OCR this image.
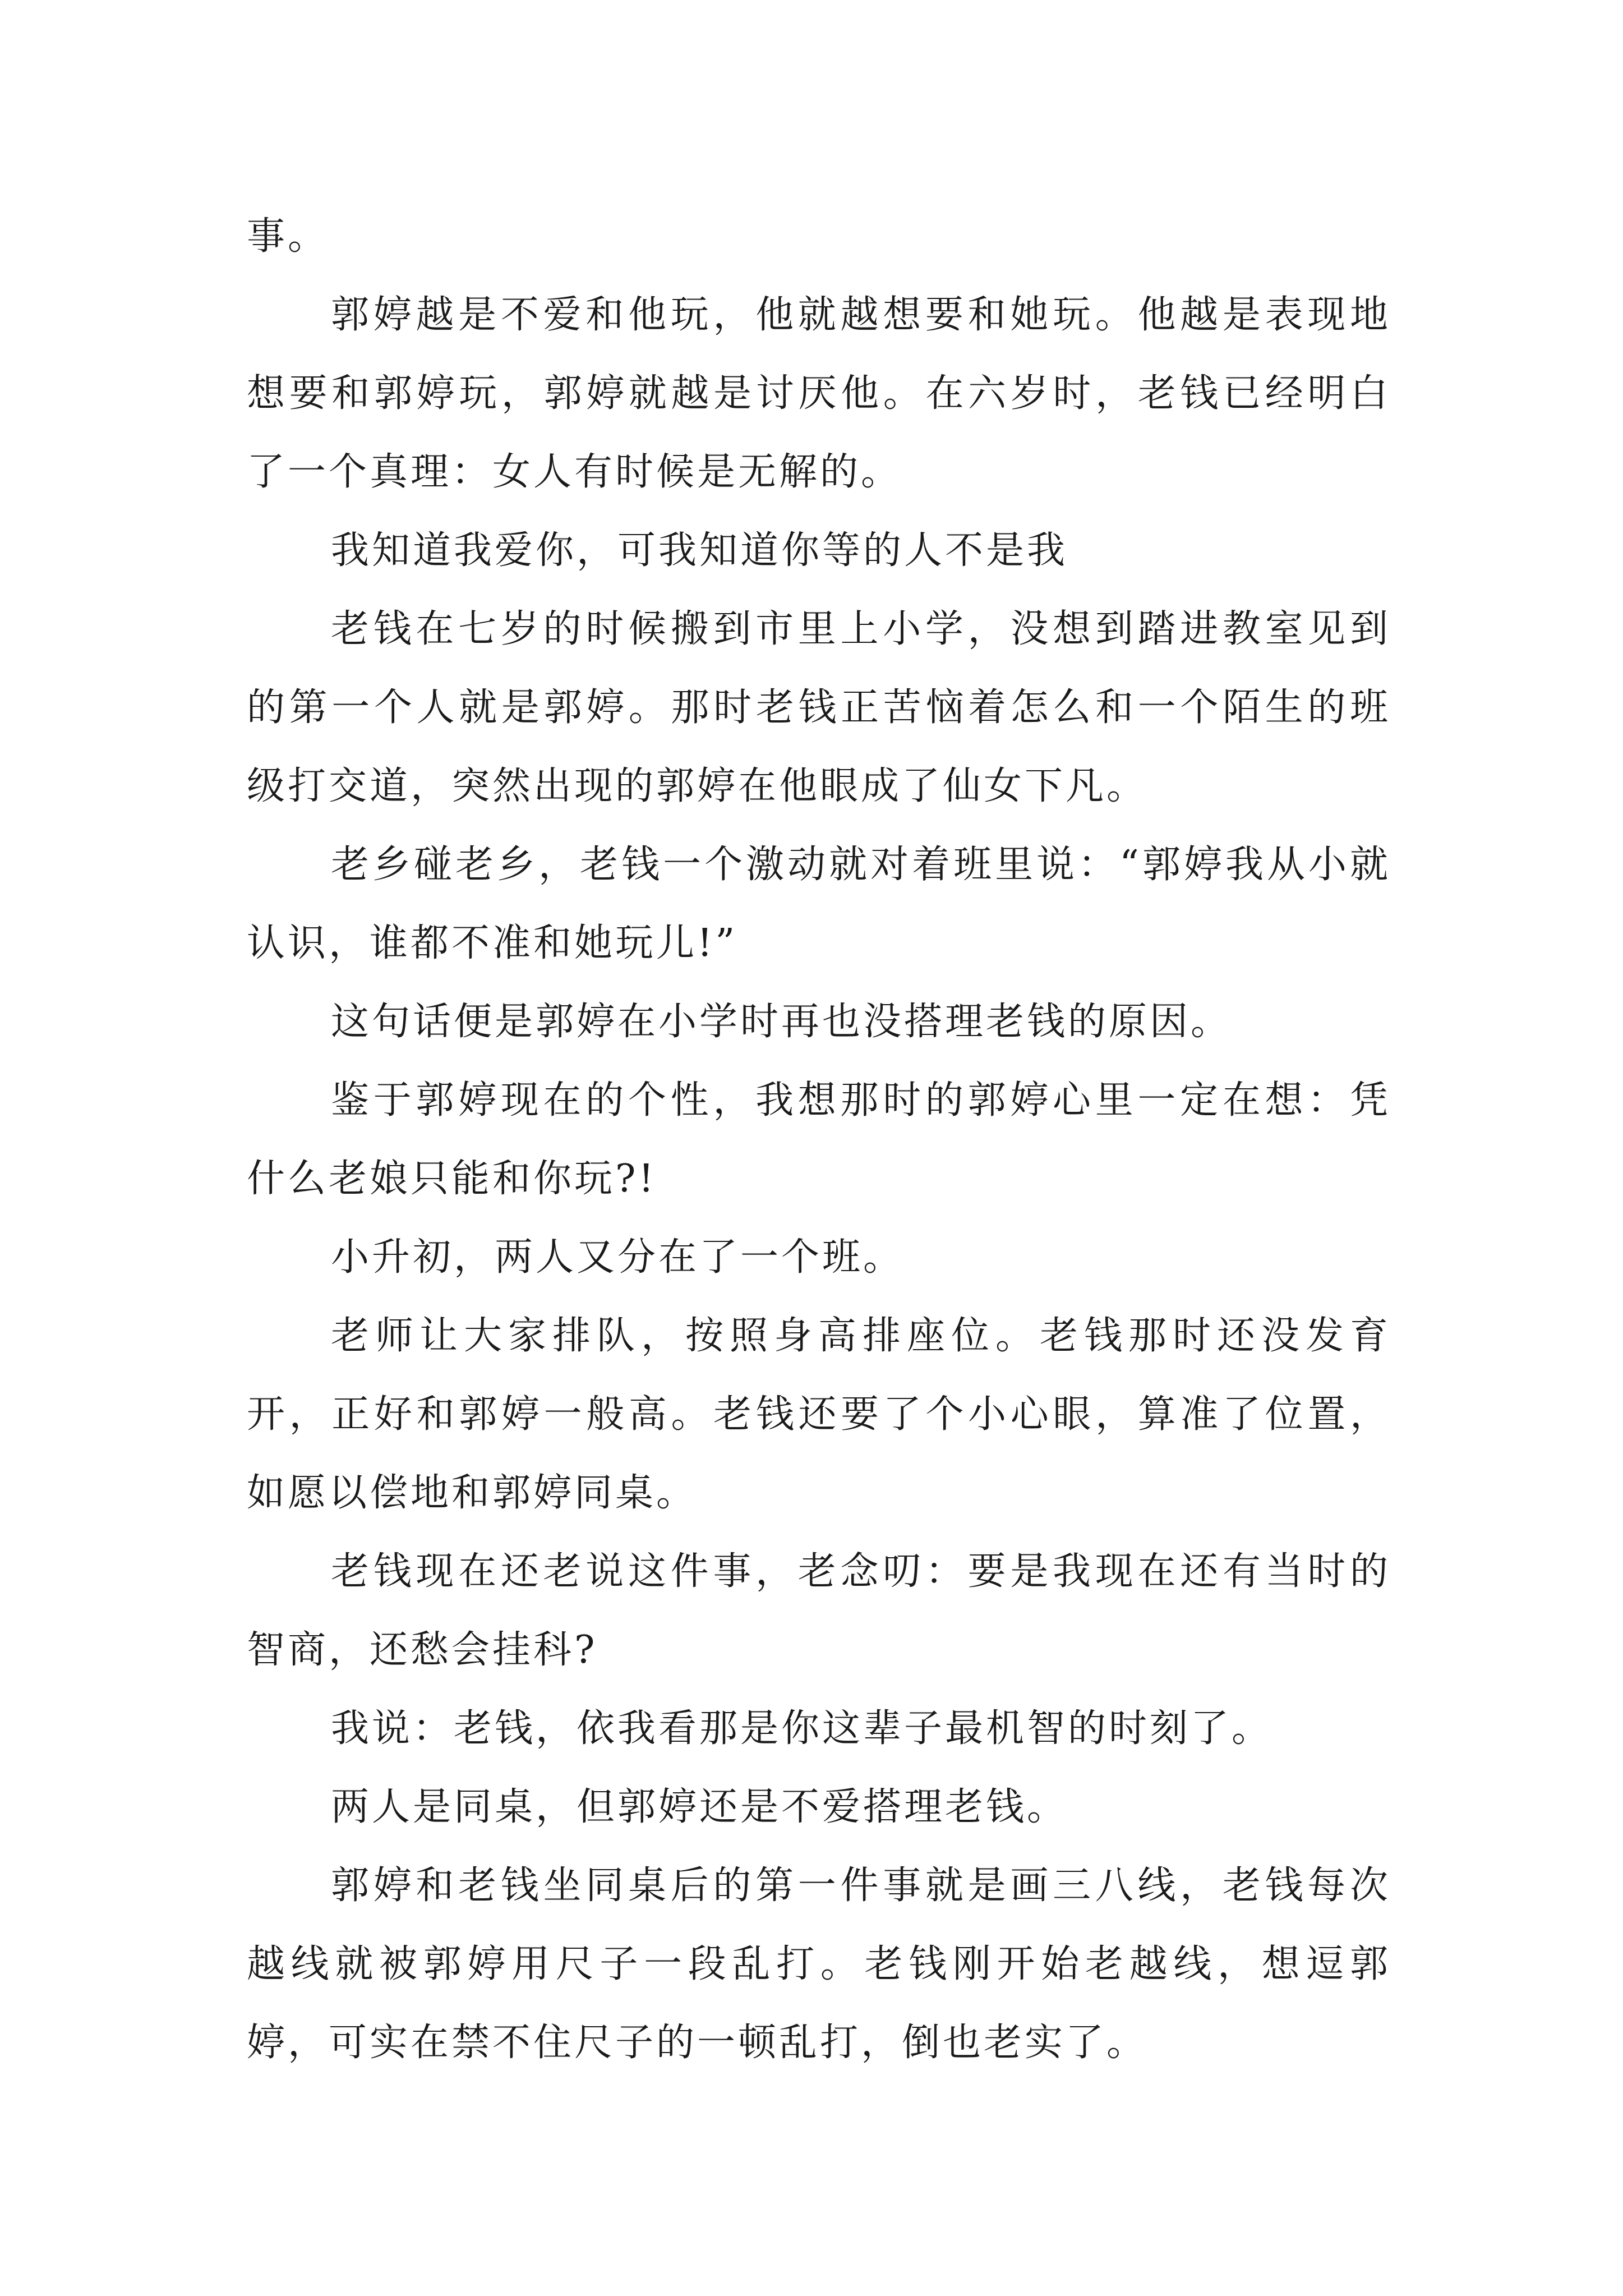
事。

郭婷越是不爱和他玩，他就越想要和她玩。他越是表现地想要和郭婷玩，郭婷就越是讨厌他。在六岁时，老钱已经明白了一个真理：女人有时候是无解的。

我知道我爱你，可我知道你等的人不是我

老钱在七岁的时候搬到市里上小学，没想到踏进教室见到的第一个人就是郭婷。那时老钱正苦恼着怎么和一个陌生的班级打交道，突然出现的郭婷在他眼成了仙女下凡。

老乡碰老乡，老钱一个激动就对着班里说：“郭婷我从小就认识，谁都不准和她玩儿!”

这句话便是郭婷在小学时再也没搭理老钱的原因。

鉴于郭婷现在的个性，我想那时的郭婷心里一定在想：凭什么老娘只能和你玩?!

小升初，两人又分在了一个班。

老师让大家排队，按照身高排座位。老钱那时还没发育开，正好和郭婷一般高。老钱还要了个小心眼，算准了位置，如愿以偿地和郭婷同桌。

老钱现在还老说这件事，老念叨：要是我现在还有当时的智商，还愁会挂科?

我说：老钱，依我看那是你这辈子最机智的时刻了。

两人是同桌，但郭婷还是不爱搭理老钱。

郭婷和老钱坐同桌后的第一件事就是画三八线，老钱每次越线就被郭婷用尺子一段乱打。老钱刚开始老越线，想逗郭婷，可实在禁不住尺子的一顿乱打，倒也老实了。
